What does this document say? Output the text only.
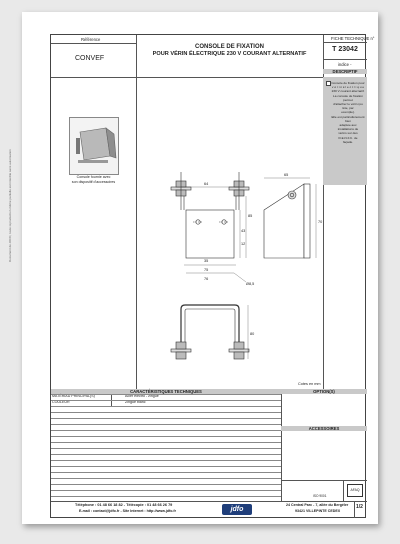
Document de JDFO, toute reproduction même partielle est interdite sans autorisation
Référence
CONVEF
CONSOLE DE FIXATION
POUR VÉRIN ÉLECTRIQUE 230 V COURANT ALTERNATIF
FICHE TECHNIQUE n°
T 23042
indice -
DESCRIPTIF
Console fournie avec
son dispositif d'accessoires
Console de fixation pour
v é r i n é l e c t r i q u e
230 V courant alternatif.
La console de fixation permet
d'attacher le vérin (ou tête, par
exemple).
Elle est particulièrement bien
adaptée aux installations de
vérins sur des D.E.N.F.C. de
façade.
64
65
85
43
12
35
75
76
80
Ø8,5
70
Cotes en mm
CARACTÉRISTIQUES TECHNIQUES	OPTION(S)
MATÉRIAU PRINCIPAL(S)	Acier électro - zingué
COULEUR	Zingué blanc
ACCESSOIRES
AFAQ
ISO 9001
Téléphone : 01 48 66 18 82 - Télécopie : 01 48 66 26 79
E-mail : contact@jdfo.fr - Site Internet : http://www.jdfo.fr	jdfo
24 Central Parc - 7, allée du Bergéler
93421 VILLEPINTE CEDEX
1/2
